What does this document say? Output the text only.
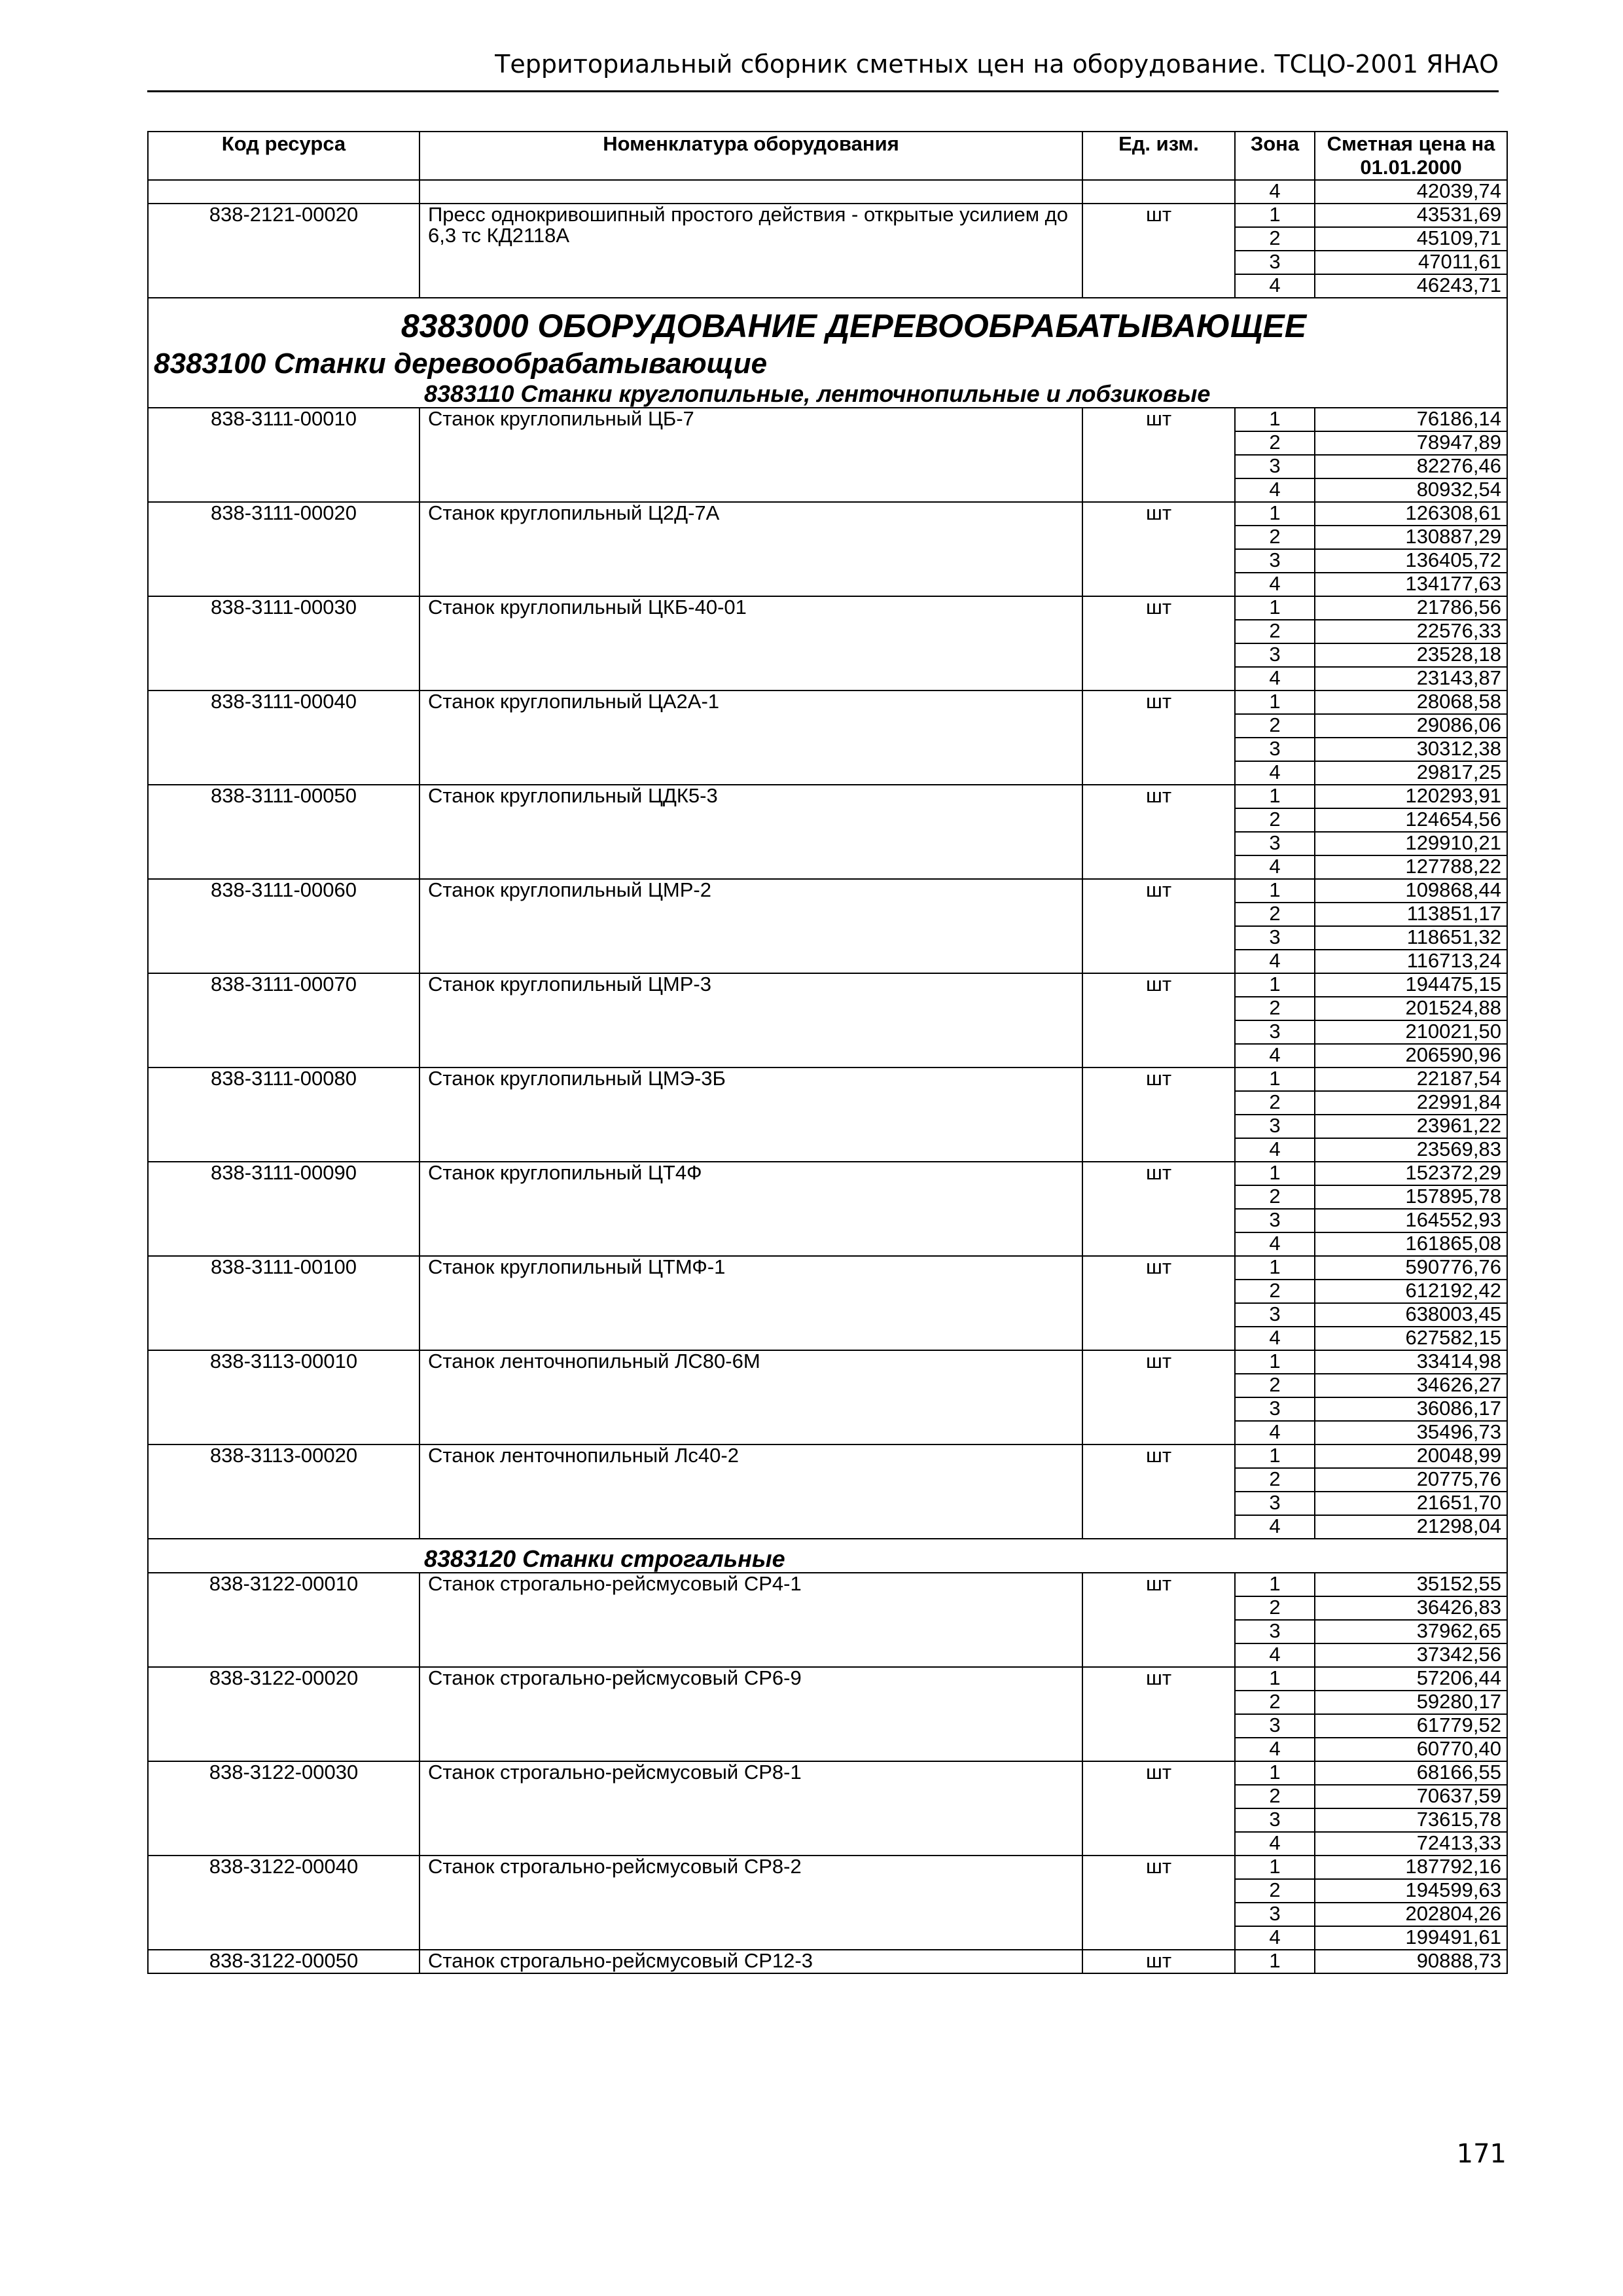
Территориальный сборник сметных цен на оборудование. ТСЦО-2001 ЯНАО
Код ресурса	Номенклатура оборудования	Ед. изм.	Зона	Сметная цена на 01.01.2000
			4	42039,74
838-2121-00020	Пресс однокривошипный простого действия - открытые усилием до 6,3 тс КД2118А	шт	1	43531,69
			2	45109,71
			3	47011,61
			4	46243,71

8383000 ОБОРУДОВАНИЕ ДЕРЕВООБРАБАТЫВАЮЩЕЕ
8383100 Станки деревообрабатывающие
8383110 Станки круглопильные, ленточнопильные и лобзиковые				

838-3111-00010	Станок круглопильный ЦБ-7	шт	1	76186,14
			2	78947,89
			3	82276,46
			4	80932,54
838-3111-00020	Станок круглопильный Ц2Д-7А	шт	1	126308,61
			2	130887,29
			3	136405,72
			4	134177,63
838-3111-00030	Станок круглопильный ЦКБ-40-01	шт	1	21786,56
			2	22576,33
			3	23528,18
			4	23143,87
838-3111-00040	Станок круглопильный ЦА2А-1	шт	1	28068,58
			2	29086,06
			3	30312,38
			4	29817,25
838-3111-00050	Станок круглопильный ЦДК5-3	шт	1	120293,91
			2	124654,56
			3	129910,21
			4	127788,22
838-3111-00060	Станок круглопильный ЦМР-2	шт	1	109868,44
			2	113851,17
			3	118651,32
			4	116713,24
838-3111-00070	Станок круглопильный ЦМР-3	шт	1	194475,15
			2	201524,88
			3	210021,50
			4	206590,96
838-3111-00080	Станок круглопильный ЦМЭ-3Б	шт	1	22187,54
			2	22991,84
			3	23961,22
			4	23569,83
838-3111-00090	Станок круглопильный ЦТ4Ф	шт	1	152372,29
			2	157895,78
			3	164552,93
			4	161865,08
838-3111-00100	Станок круглопильный ЦТМФ-1	шт	1	590776,76
			2	612192,42
			3	638003,45
			4	627582,15
838-3113-00010	Станок ленточнопильный ЛС80-6М	шт	1	33414,98
			2	34626,27
			3	36086,17
			4	35496,73
838-3113-00020	Станок ленточнопильный Лс40-2	шт	1	20048,99
			2	20775,76
			3	21651,70
			4	21298,04

8383120 Станки строгальные				

838-3122-00010	Станок строгально-рейсмусовый СР4-1	шт	1	35152,55
			2	36426,83
			3	37962,65
			4	37342,56
838-3122-00020	Станок строгально-рейсмусовый СР6-9	шт	1	57206,44
			2	59280,17
			3	61779,52
			4	60770,40
838-3122-00030	Станок строгально-рейсмусовый СР8-1	шт	1	68166,55
			2	70637,59
			3	73615,78
			4	72413,33
838-3122-00040	Станок строгально-рейсмусовый СР8-2	шт	1	187792,16
			2	194599,63
			3	202804,26
			4	199491,61
838-3122-00050	Станок строгально-рейсмусовый СР12-3	шт	1	90888,73
171
